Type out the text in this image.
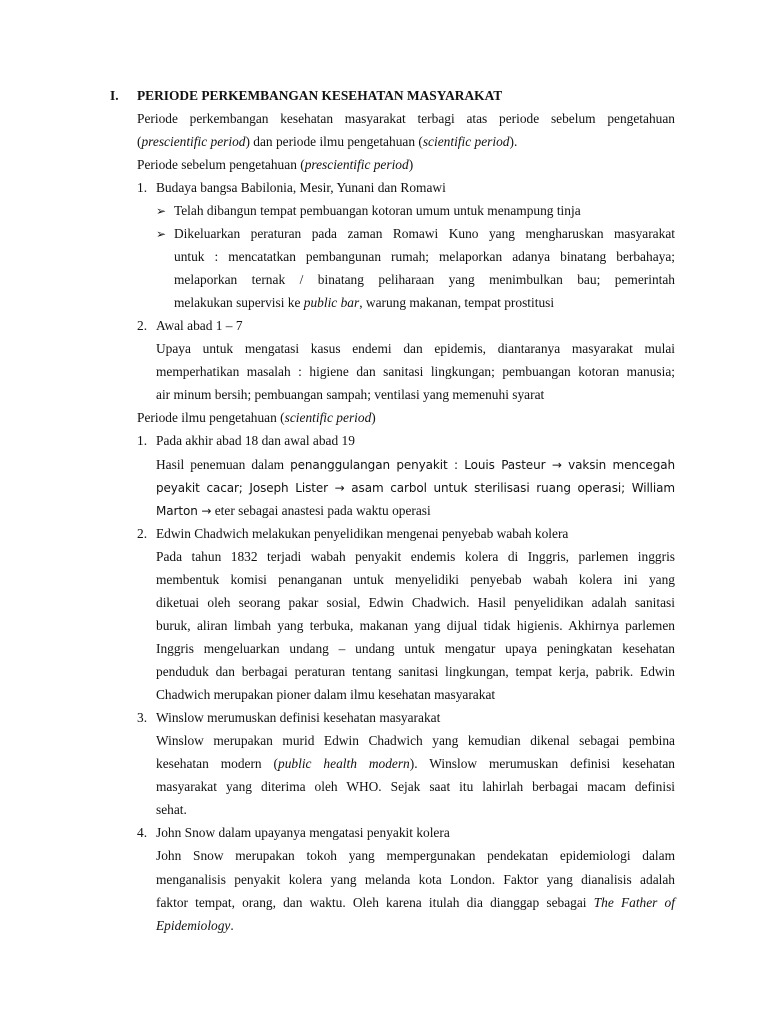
I. PERIODE PERKEMBANGAN KESEHATAN MASYARAKAT
Periode perkembangan kesehatan masyarakat terbagi atas periode sebelum pengetahuan
(prescientific period) dan periode ilmu pengetahuan (scientific period).
Periode sebelum pengetahuan (prescientific period)
1. Budaya bangsa Babilonia, Mesir, Yunani dan Romawi
➢ Telah dibangun tempat pembuangan kotoran umum untuk menampung tinja
➢ Dikeluarkan peraturan pada zaman Romawi Kuno yang mengharuskan masyarakat
untuk : mencatatkan pembangunan rumah; melaporkan adanya binatang berbahaya;
melaporkan ternak / binatang peliharaan yang menimbulkan bau; pemerintah
melakukan supervisi ke public bar, warung makanan, tempat prostitusi
2. Awal abad 1 – 7
Upaya untuk mengatasi kasus endemi dan epidemis, diantaranya masyarakat mulai
memperhatikan masalah : higiene dan sanitasi lingkungan; pembuangan kotoran manusia;
air minum bersih; pembuangan sampah; ventilasi yang memenuhi syarat
Periode ilmu pengetahuan (scientific period)
1. Pada akhir abad 18 dan awal abad 19
Hasil penemuan dalam penanggulangan penyakit : Louis Pasteur → vaksin mencegah
peyakit cacar; Joseph Lister → asam carbol untuk sterilisasi ruang operasi; William
Marton → eter sebagai anastesi pada waktu operasi
2. Edwin Chadwich melakukan penyelidikan mengenai penyebab wabah kolera
Pada tahun 1832 terjadi wabah penyakit endemis kolera di Inggris, parlemen inggris
membentuk komisi penanganan untuk menyelidiki penyebab wabah kolera ini yang
diketuai oleh seorang pakar sosial, Edwin Chadwich. Hasil penyelidikan adalah sanitasi
buruk, aliran limbah yang terbuka, makanan yang dijual tidak higienis. Akhirnya parlemen
Inggris mengeluarkan undang – undang untuk mengatur upaya peningkatan kesehatan
penduduk dan berbagai peraturan tentang sanitasi lingkungan, tempat kerja, pabrik. Edwin
Chadwich merupakan pioner dalam ilmu kesehatan masyarakat
3. Winslow merumuskan definisi kesehatan masyarakat
Winslow merupakan murid Edwin Chadwich yang kemudian dikenal sebagai pembina
kesehatan modern (public health modern). Winslow merumuskan definisi kesehatan
masyarakat yang diterima oleh WHO. Sejak saat itu lahirlah berbagai macam definisi
sehat.
4. John Snow dalam upayanya mengatasi penyakit kolera
John Snow merupakan tokoh yang mempergunakan pendekatan epidemiologi dalam
menganalisis penyakit kolera yang melanda kota London. Faktor yang dianalisis adalah
faktor tempat, orang, dan waktu. Oleh karena itulah dia dianggap sebagai The Father of
Epidemiology.
